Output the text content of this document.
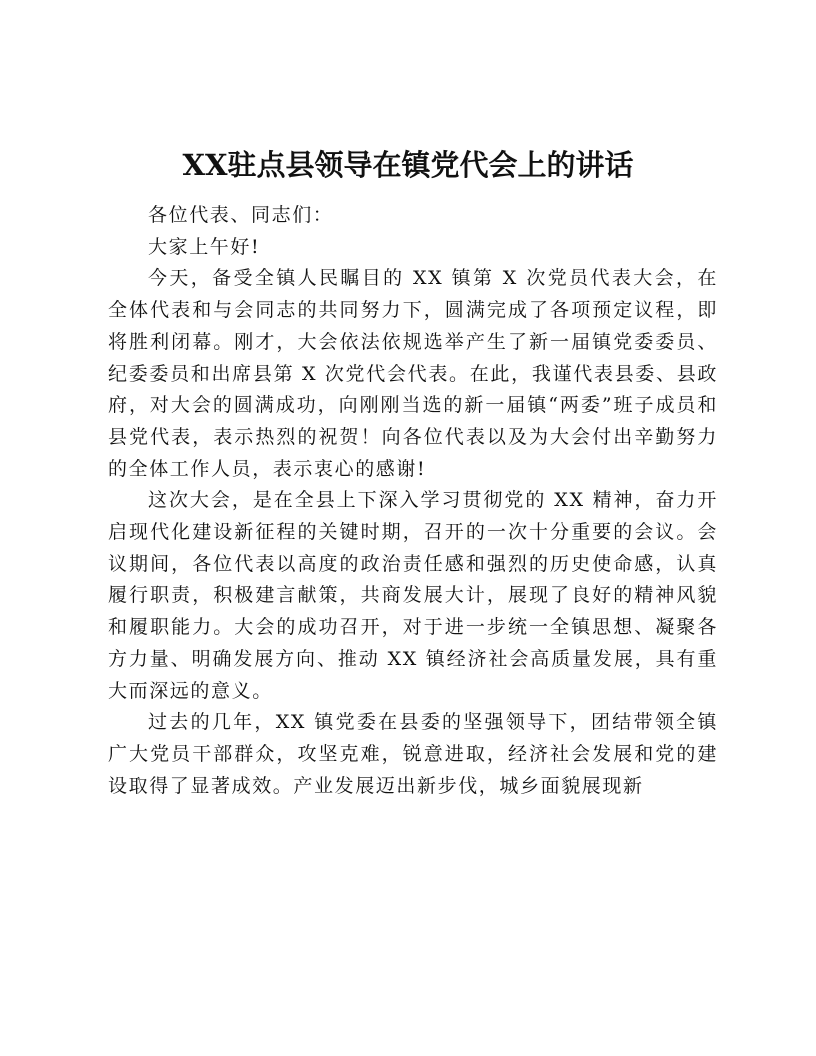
XX驻点县领导在镇党代会上的讲话

各位代表、同志们：

大家上午好!

今天，备受全镇人民瞩目的 XX 镇第 X 次党员代表大会，在全体代表和与会同志的共同努力下，圆满完成了各项预定议程，即将胜利闭幕。刚才，大会依法依规选举产生了新一届镇党委委员、纪委委员和出席县第 X 次党代会代表。在此，我谨代表县委、县政府，对大会的圆满成功，向刚刚当选的新一届镇“两委”班子成员和县党代表，表示热烈的祝贺！向各位代表以及为大会付出辛勤努力的全体工作人员，表示衷心的感谢!

这次大会，是在全县上下深入学习贯彻党的 XX 精神，奋力开启现代化建设新征程的关键时期，召开的一次十分重要的会议。会议期间，各位代表以高度的政治责任感和强烈的历史使命感，认真履行职责，积极建言献策，共商发展大计，展现了良好的精神风貌和履职能力。大会的成功召开，对于进一步统一全镇思想、凝聚各方力量、明确发展方向、推动 XX 镇经济社会高质量发展，具有重大而深远的意义。

过去的几年，XX 镇党委在县委的坚强领导下，团结带领全镇广大党员干部群众，攻坚克难，锐意进取，经济社会发展和党的建设取得了显著成效。产业发展迈出新步伐，城乡面貌展现新
